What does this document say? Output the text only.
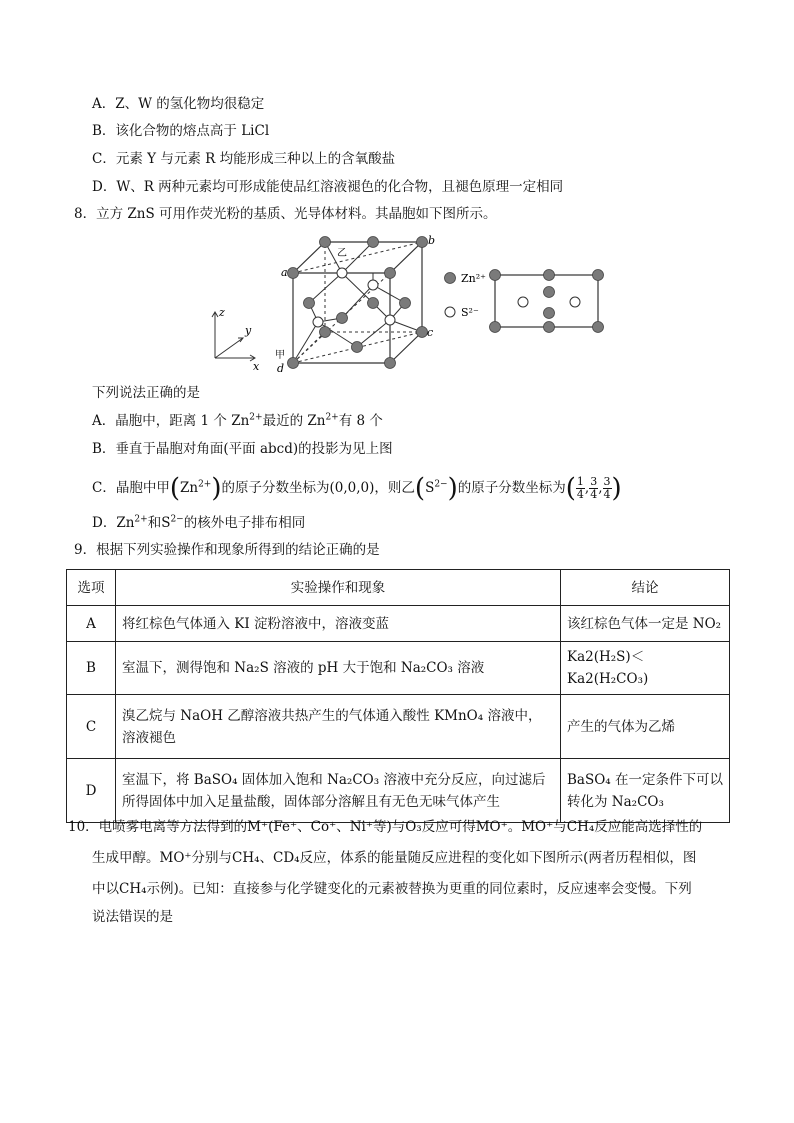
A．Z、W 的氢化物均很稳定
B．该化合物的熔点高于 LiCl
C．元素 Y 与元素 R 均能形成三种以上的含氧酸盐
D．W、R 两种元素均可形成能使品红溶液褪色的化合物，且褪色原理一定相同
8．立方 ZnS 可用作荧光粉的基质、光导体材料。其晶胞如下图所示。
z
y
x
乙
a
b
c
甲
d
Zn²⁺
S²⁻
下列说法正确的是
A．晶胞中，距离 1 个 $Zn^{2+}$最近的 $Zn^{2+}$有 8 个
B．垂直于晶胞对角面(平面 abcd)的投影为见上图
C．晶胞中甲$(Zn^{2+})$的原子分数坐标为(0,0,0)，则乙$(S^{2-})$的原子分数坐标为( $\frac{1}{4}$ , $\frac{3}{4}$ , $\frac{3}{4}$ )
D．$Zn^{2+}$和$S^{2-}$的核外电子排布相同
9．根据下列实验操作和现象所得到的结论正确的是
选项	实验操作和现象	结论
A	将红棕色气体通入 KI 淀粉溶液中，溶液变蓝	该红棕色气体一定是 NO₂
B	室温下，测得饱和 Na₂S 溶液的 pH 大于饱和 Na₂CO₃ 溶液	Ka2(H₂S)＜Ka2(H₂CO₃)
C	溴乙烷与 NaOH 乙醇溶液共热产生的气体通入酸性 KMnO₄ 溶液中，溶液褪色	产生的气体为乙烯
D	室温下，将 BaSO₄ 固体加入饱和 Na₂CO₃ 溶液中充分反应，向过滤后所得固体中加入足量盐酸，固体部分溶解且有无色无味气体产生	BaSO₄ 在一定条件下可以转化为 Na₂CO₃
10．电喷雾电离等方法得到的M⁺(Fe⁺、Co⁺、Ni⁺等)与O₃反应可得MO⁺。MO⁺与CH₄反应能高选择性的
生成甲醇。MO⁺分别与CH₄、CD₄反应，体系的能量随反应进程的变化如下图所示(两者历程相似，图
中以CH₄示例)。已知：直接参与化学键变化的元素被替换为更重的同位素时，反应速率会变慢。下列
说法错误的是
